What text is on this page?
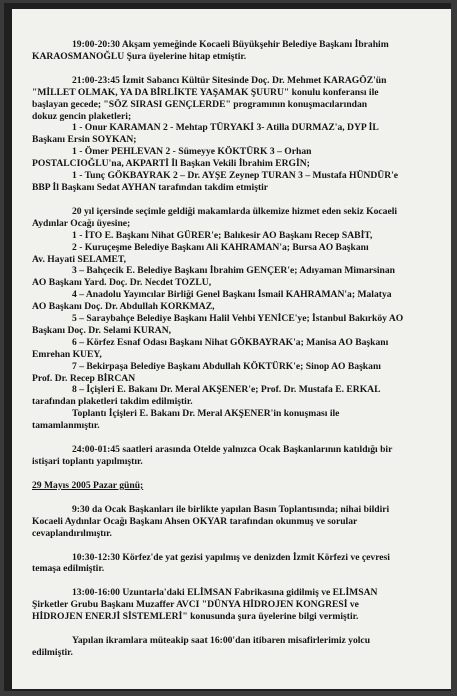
19:00-20:30 Akşam yemeğinde Kocaeli Büyükşehir Belediye Başkanı İbrahim

KARAOSMANOĞLU Şura üyelerine hitap etmiştir.

21:00-23:45 İzmit Sabancı Kültür Sitesinde Doç. Dr. Mehmet KARAGÖZ'ün

"MİLLET OLMAK, YA DA BİRLİKTE YAŞAMAK ŞUURU" konulu konferansı ile

başlayan gecede; "SÖZ SIRASI GENÇLERDE" programının konuşmacılarından

dokuz gencin plaketleri;

1 - Onur KARAMAN 2 - Mehtap TÜRYAKİ 3- Atilla DURMAZ'a, DYP İL

Başkanı Ersin SOYKAN;

1 - Ömer PEHLEVAN 2 - Sümeyye KÖKTÜRK 3 – Orhan

POSTALCIOĞLU'na, AKPARTİ İl Başkan Vekili İbrahim ERGİN;

1 - Tunç GÖKBAYRAK 2 – Dr. AYŞE Zeynep TURAN 3 – Mustafa HÜNDÜR'e

BBP İl Başkanı Sedat AYHAN tarafından takdim etmiştir

20 yıl içersinde seçimle geldiği makamlarda ülkemize hizmet eden sekiz Kocaeli

Aydınlar Ocağı üyesine;

1 - İTO E. Başkanı Nihat GÜRER'e; Balıkesir AO Başkanı Recep SABİT,

2 - Kuruçeşme Belediye Başkanı Ali KAHRAMAN'a; Bursa AO Başkanı

Av. Hayati SELAMET,

3 – Bahçecik E. Belediye Başkanı İbrahim GENÇER'e; Adıyaman Mimarsinan

AO Başkanı Yard. Doç. Dr. Necdet TOZLU,

4 – Anadolu Yayıncılar Birliği Genel Başkanı İsmail KAHRAMAN'a; Malatya

AO Başkanı Doç. Dr. Abdullah KORKMAZ,

5 – Saraybahçe Belediye Başkanı Halil Vehbi YENİCE'ye; İstanbul Bakırköy AO

Başkanı Doç. Dr. Selami KURAN,

6 – Körfez Esnaf Odası Başkanı Nihat GÖKBAYRAK'a; Manisa AO Başkanı

Emrehan KUEY,

7 – Bekirpaşa Belediye Başkanı Abdullah KÖKTÜRK'e; Sinop AO Başkanı

Prof. Dr. Recep BİRCAN

8 – İçişleri E. Bakanı Dr. Meral AKŞENER'e; Prof. Dr. Mustafa E. ERKAL

tarafından plaketleri takdim edilmiştir.

Toplantı İçişleri E. Bakanı Dr. Meral AKŞENER'in konuşması ile

tamamlanmıştır.

24:00-01:45 saatleri arasında Otelde yalnızca Ocak Başkanlarının katıldığı bir

istişari toplantı yapılmıştır.

29 Mayıs 2005 Pazar günü;

9:30 da Ocak Başkanları ile birlikte yapılan Basın Toplantısında; nihai bildiri

Kocaeli Aydınlar Ocağı Başkanı Ahsen OKYAR tarafından okunmuş ve sorular

cevaplandırılmıştır.

10:30-12:30 Körfez'de yat gezisi yapılmış ve denizden İzmit Körfezi ve çevresi

temaşa edilmiştir.

13:00-16:00 Uzuntarla'daki ELİMSAN Fabrikasına gidilmiş ve ELİMSAN

Şirketler Grubu Başkanı Muzaffer AVCI "DÜNYA HİDROJEN KONGRESİ ve

HİDROJEN ENERJİ SİSTEMLERİ" konusunda şura üyelerine bilgi vermiştir.

Yapılan ikramlara müteakip saat 16:00'dan itibaren misafirlerimiz yolcu

edilmiştir.
